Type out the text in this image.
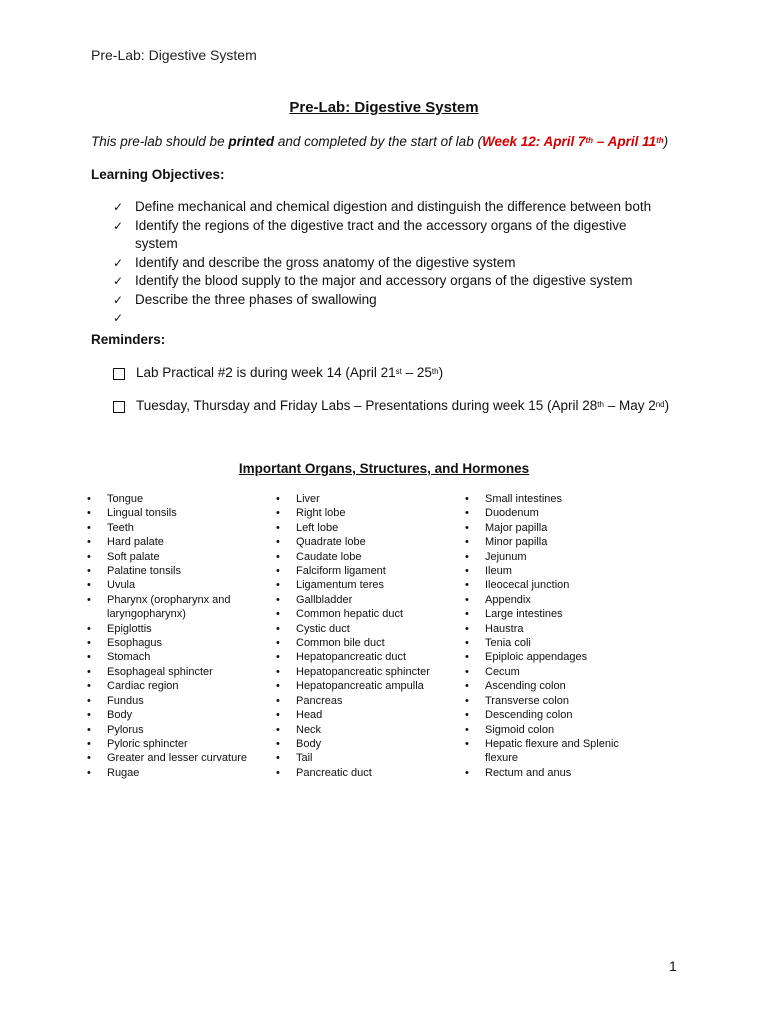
Pre-Lab: Digestive System
Pre-Lab: Digestive System
This pre-lab should be printed and completed by the start of lab (Week 12: April 7th – April 11th)
Learning Objectives:
✓ Define mechanical and chemical digestion and distinguish the difference between both
✓ Identify the regions of the digestive tract and the accessory organs of the digestive system
✓ Identify and describe the gross anatomy of the digestive system
✓ Identify the blood supply to the major and accessory organs of the digestive system
✓ Describe the three phases of swallowing
✓
Reminders:
Lab Practical #2 is during week 14 (April 21st – 25th)
Tuesday, Thursday and Friday Labs – Presentations during week 15 (April 28th – May 2nd)
Important Organs, Structures, and Hormones
•	Tongue
•	Lingual tonsils
•	Teeth
•	Hard palate
•	Soft palate
•	Palatine tonsils
•	Uvula
•	Pharynx (oropharynx and laryngopharynx)
•	Epiglottis
•	Esophagus
•	Stomach
•	Esophageal sphincter
•	Cardiac region
•	Fundus
•	Body
•	Pylorus
•	Pyloric sphincter
•	Greater and lesser curvature
•	Rugae
•	Liver
•	Right lobe
•	Left lobe
•	Quadrate lobe
•	Caudate lobe
•	Falciform ligament
•	Ligamentum teres
•	Gallbladder
•	Common hepatic duct
•	Cystic duct
•	Common bile duct
•	Hepatopancreatic duct
•	Hepatopancreatic sphincter
•	Hepatopancreatic ampulla
•	Pancreas
•	Head
•	Neck
•	Body
•	Tail
•	Pancreatic duct
•	Small intestines
•	Duodenum
•	Major papilla
•	Minor papilla
•	Jejunum
•	Ileum
•	Ileocecal junction
•	Appendix
•	Large intestines
•	Haustra
•	Tenia coli
•	Epiploic appendages
•	Cecum
•	Ascending colon
•	Transverse colon
•	Descending colon
•	Sigmoid colon
•	Hepatic flexure and Splenic flexure
•	Rectum and anus
1
